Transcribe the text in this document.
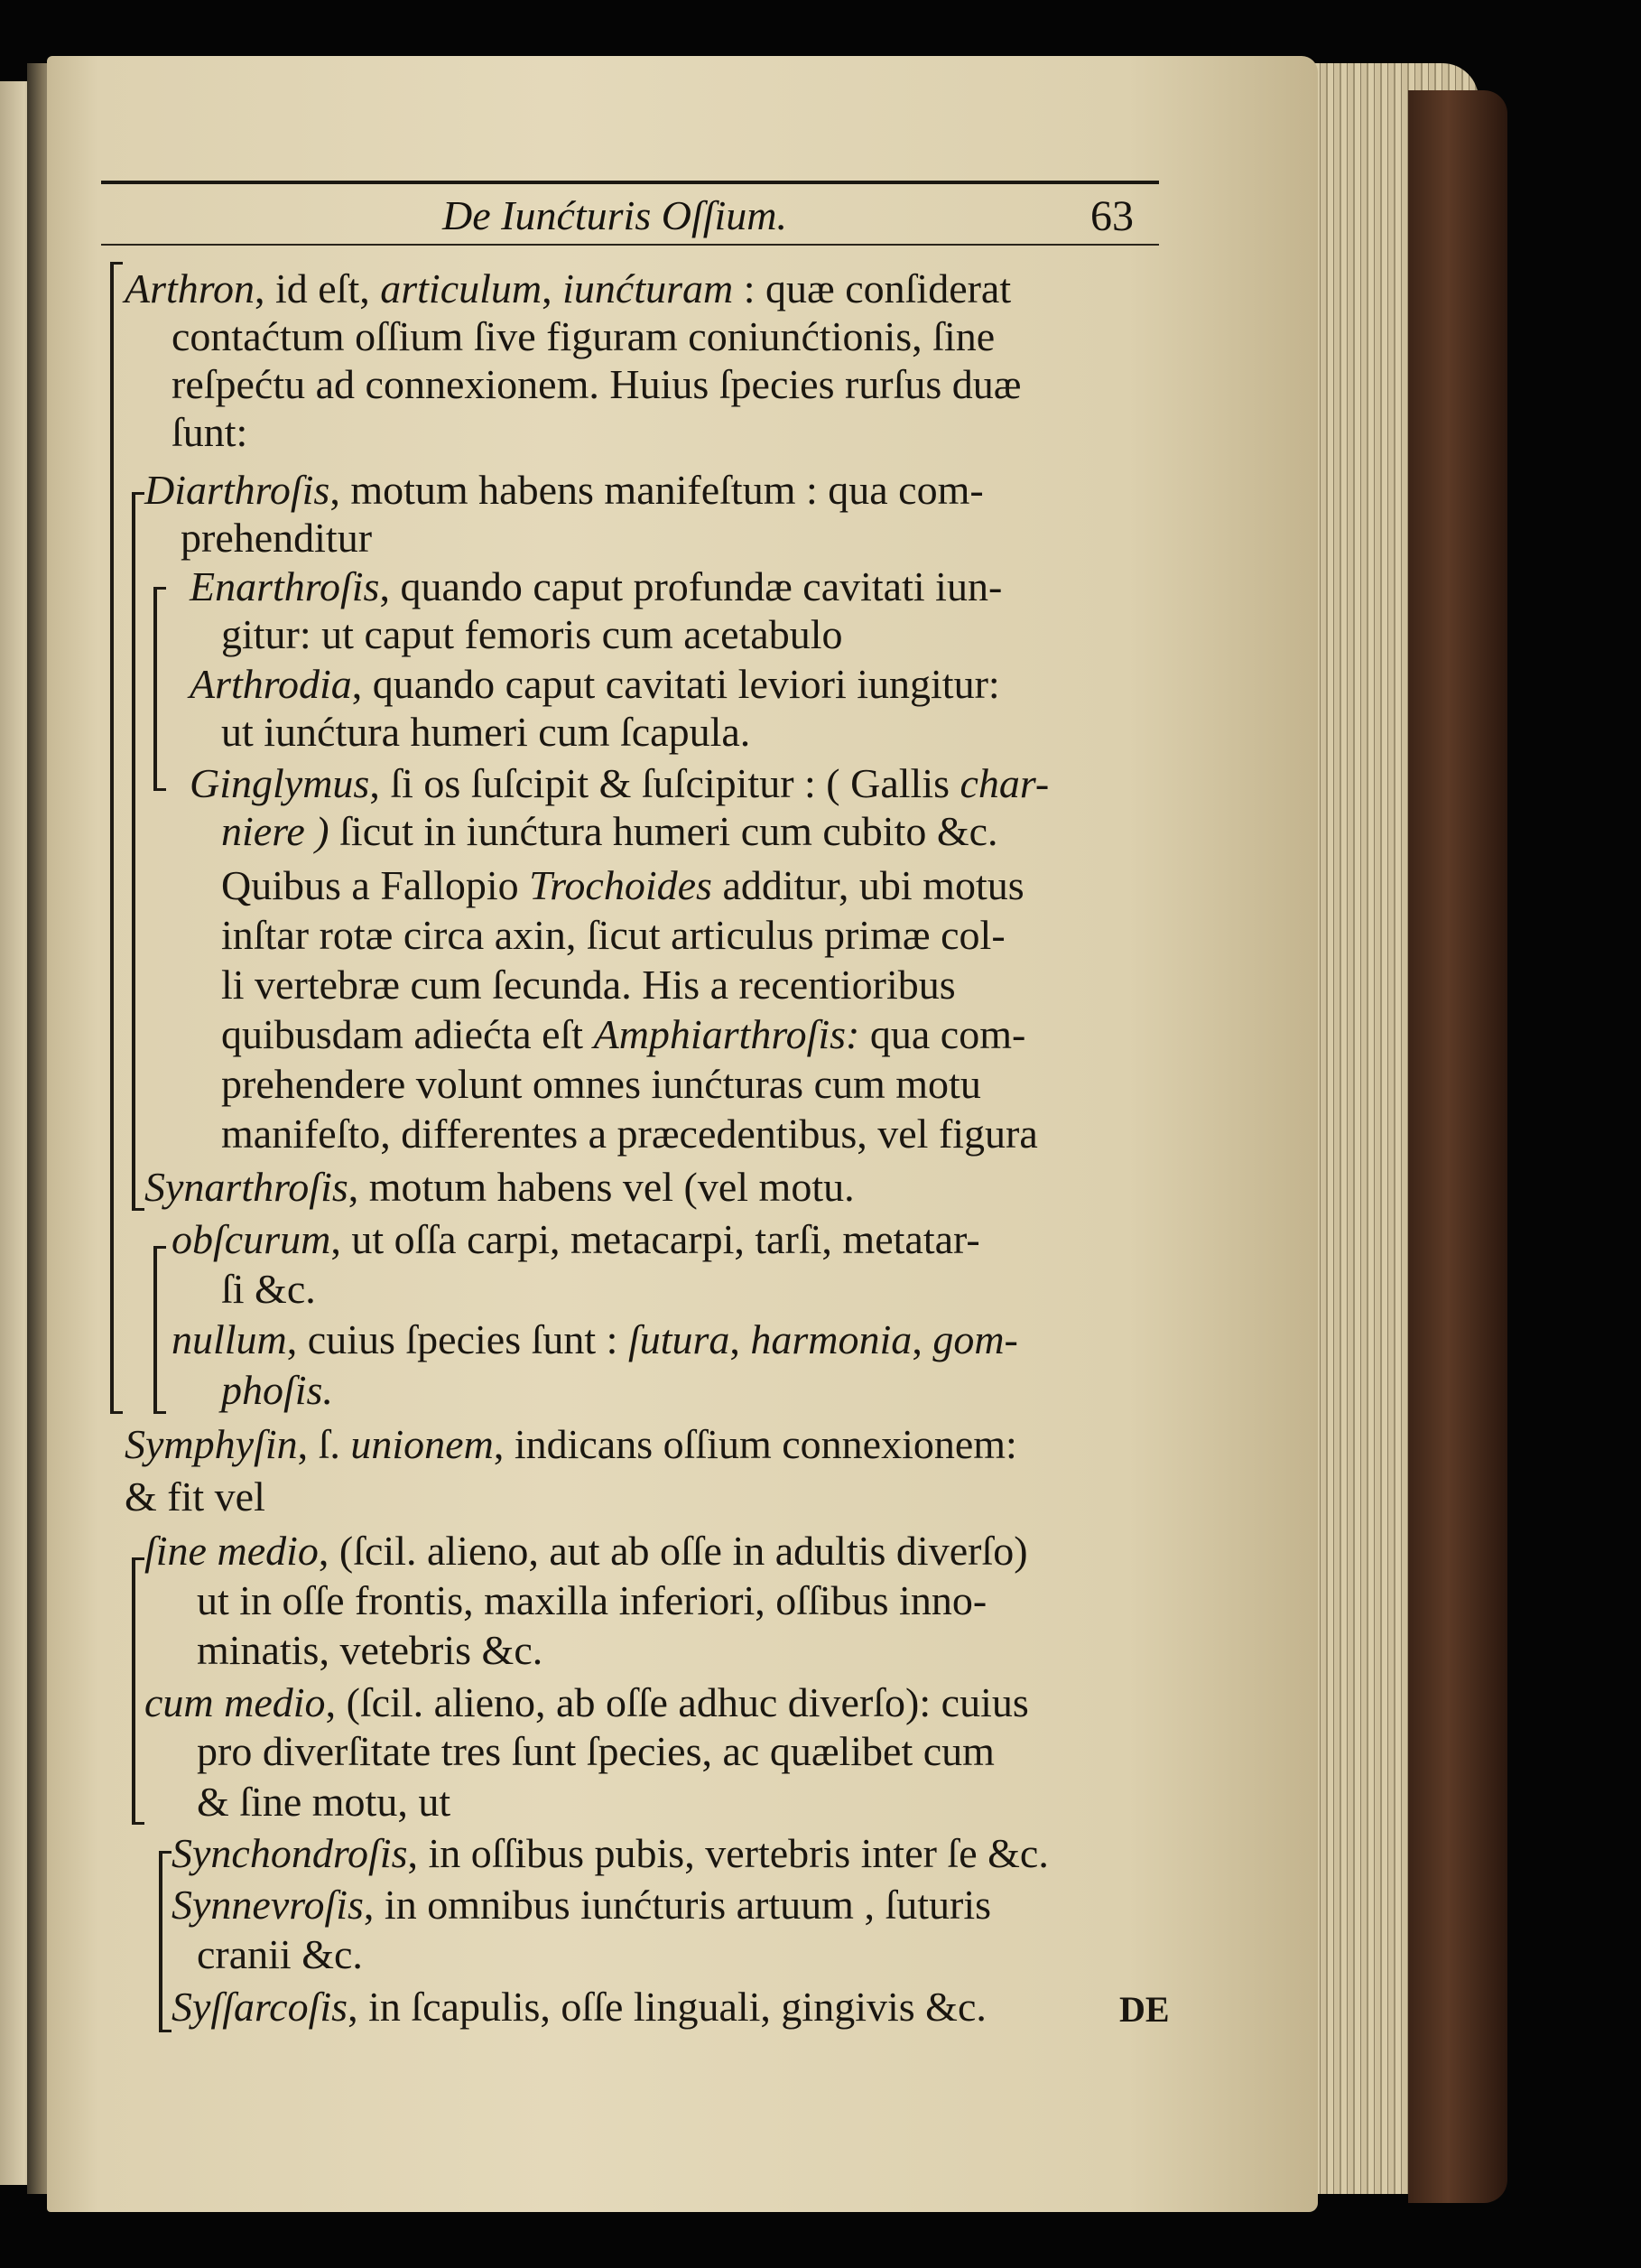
De Iunćturis Oſſium.	63
Arthron, id eſt, articulum, iunćturam : quæ conſiderat
contaćtum oſſium ſive figuram coniunćtionis, ſine
reſpećtu ad connexionem. Huius ſpecies rurſus duæ
ſunt:
Diarthroſis, motum habens manifeſtum : qua com-
prehenditur
Enarthroſis, quando caput profundæ cavitati iun-
gitur: ut caput femoris cum acetabulo
Arthrodia, quando caput cavitati leviori iungitur:
ut iunćtura humeri cum ſcapula.
Ginglymus, ſi os ſuſcipit & ſuſcipitur : ( Gallis char-
niere ) ſicut in iunćtura humeri cum cubito &c.
Quibus a Fallopio Trochoides additur, ubi motus
inſtar rotæ circa axin, ſicut articulus primæ col-
li vertebræ cum ſecunda. His a recentioribus
quibusdam adiećta eſt Amphiarthroſis: qua com-
prehendere volunt omnes iunćturas cum motu
manifeſto, differentes a præcedentibus, vel figura
Synarthroſis, motum habens vel (vel motu.
obſcurum, ut oſſa carpi, metacarpi, tarſi, metatar-
ſi &c.
nullum, cuius ſpecies ſunt : ſutura, harmonia, gom-
phoſis.
Symphyſin, ſ. unionem, indicans oſſium connexionem:
& fit vel
ſine medio, (ſcil. alieno, aut ab oſſe in adultis diverſo)
ut in oſſe frontis, maxilla inferiori, oſſibus inno-
minatis, vetebris &c.
cum medio, (ſcil. alieno, ab oſſe adhuc diverſo): cuius
pro diverſitate tres ſunt ſpecies, ac quælibet cum
& ſine motu, ut
Synchondroſis, in oſſibus pubis, vertebris inter ſe &c.
Synnevroſis, in omnibus iunćturis artuum , ſuturis
cranii &c.
Syſſarcoſis, in ſcapulis, oſſe linguali, gingivis &c.	DE
